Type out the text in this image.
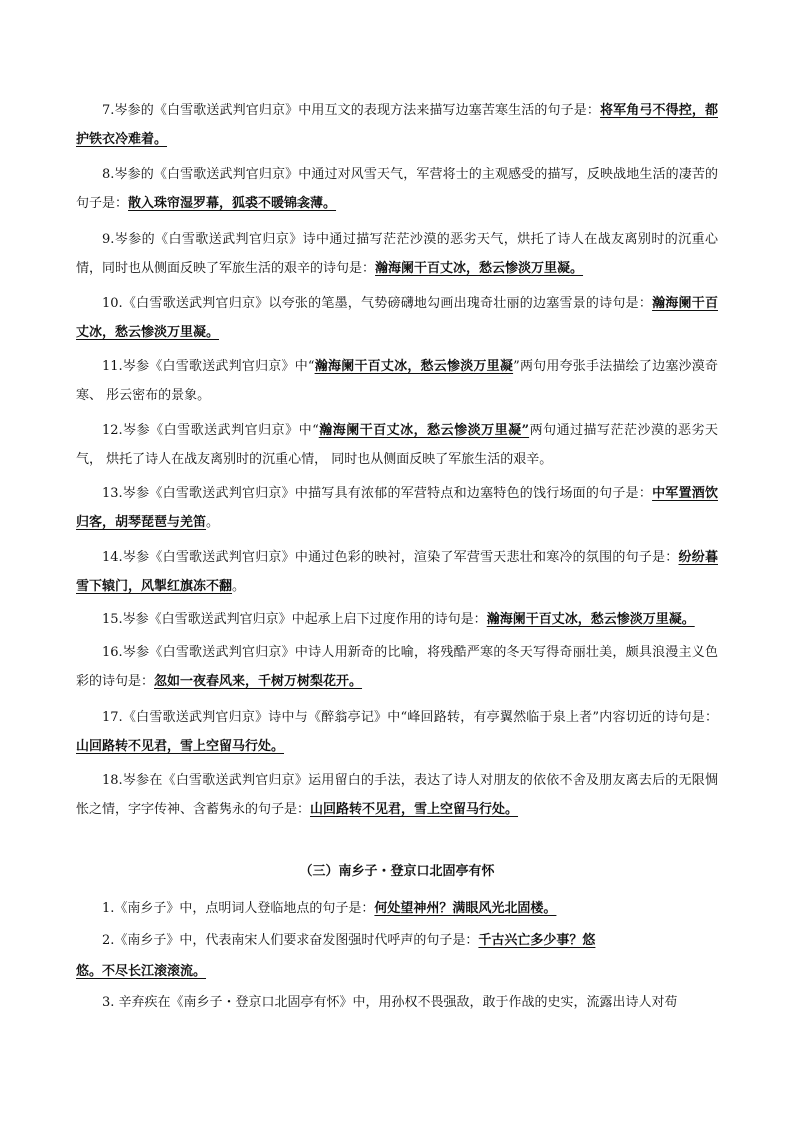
7.岑参的《白雪歌送武判官归京》中用互文的表现方法来描写边塞苦寒生活的句子是：将军角弓不得控，都护铁衣冷难着。
8.岑参的《白雪歌送武判官归京》中通过对风雪天气，军营将士的主观感受的描写，反映战地生活的凄苦的句子是：散入珠帘湿罗幕，狐裘不暖锦衾薄。
9.岑参的《白雪歌送武判官归京》诗中通过描写茫茫沙漠的恶劣天气，烘托了诗人在战友离别时的沉重心情，同时也从侧面反映了军旅生活的艰辛的诗句是：瀚海阑干百丈冰，愁云惨淡万里凝。
10.《白雪歌送武判官归京》以夸张的笔墨，气势磅礴地勾画出瑰奇壮丽的边塞雪景的诗句是：瀚海阑干百丈冰，愁云惨淡万里凝。
11.岑参《白雪歌送武判官归京》中“瀚海阑干百丈冰，愁云惨淡万里凝”两句用夸张手法描绘了边塞沙漠奇寒、 彤云密布的景象。
12.岑参《白雪歌送武判官归京》中“瀚海阑干百丈冰，愁云惨淡万里凝”两句通过描写茫茫沙漠的恶劣天气， 烘托了诗人在战友离别时的沉重心情， 同时也从侧面反映了军旅生活的艰辛。
13.岑参《白雪歌送武判官归京》中描写具有浓郁的军营特点和边塞特色的饯行场面的句子是：中军置酒饮归客，胡琴琵琶与羌笛。
14.岑参《白雪歌送武判官归京》中通过色彩的映衬，渲染了军营雪天悲壮和寒冷的氛围的句子是：纷纷暮雪下辕门，风掣红旗冻不翻。
15.岑参《白雪歌送武判官归京》中起承上启下过度作用的诗句是：瀚海阑干百丈冰，愁云惨淡万里凝。
16.岑参《白雪歌送武判官归京》中诗人用新奇的比喻，将残酷严寒的冬天写得奇丽壮美，颇具浪漫主义色彩的诗句是：忽如一夜春风来，千树万树梨花开。
17.《白雪歌送武判官归京》诗中与《醉翁亭记》中“峰回路转，有亭翼然临于泉上者”内容切近的诗句是：山回路转不见君，雪上空留马行处。
18.岑参在《白雪歌送武判官归京》运用留白的手法，表达了诗人对朋友的依依不舍及朋友离去后的无限惆怅之情，字字传神、含蓄隽永的句子是：山回路转不见君，雪上空留马行处。
（三）南乡子・登京口北固亭有怀
1.《南乡子》中，点明词人登临地点的句子是：何处望神州？满眼风光北固楼。
2.《南乡子》中，代表南宋人们要求奋发图强时代呼声的句子是：千古兴亡多少事？悠
悠。不尽长江滚滚流。
3. 辛弃疾在《南乡子・登京口北固亭有怀》中，用孙权不畏强敌，敢于作战的史实，流露出诗人对苟
